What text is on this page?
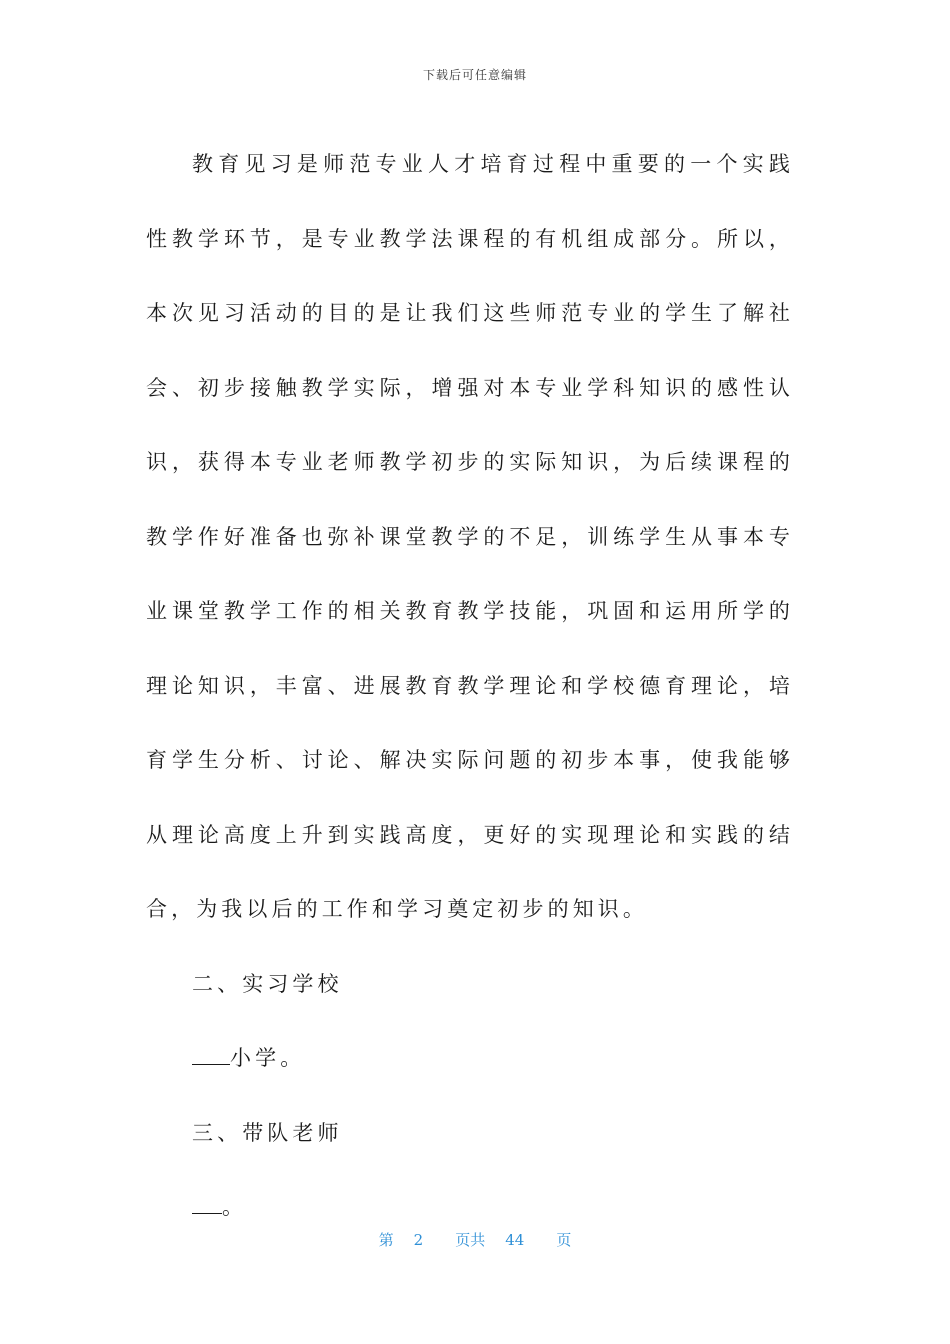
下载后可任意编辑

教育见习是师范专业人才培育过程中重要的一个实践性教学环节，是专业教学法课程的有机组成部分。所以，本次见习活动的目的是让我们这些师范专业的学生了解社会、初步接触教学实际，增强对本专业学科知识的感性认识，获得本专业老师教学初步的实际知识，为后续课程的教学作好准备也弥补课堂教学的不足，训练学生从事本专业课堂教学工作的相关教育教学技能，巩固和运用所学的理论知识，丰富、进展教育教学理论和学校德育理论，培育学生分析、讨论、解决实际问题的初步本事，使我能够从理论高度上升到实践高度，更好的实现理论和实践的结合，为我以后的工作和学习奠定初步的知识。

二、实习学校

小学。

三、带队老师

。

第 2 页共 44 页
